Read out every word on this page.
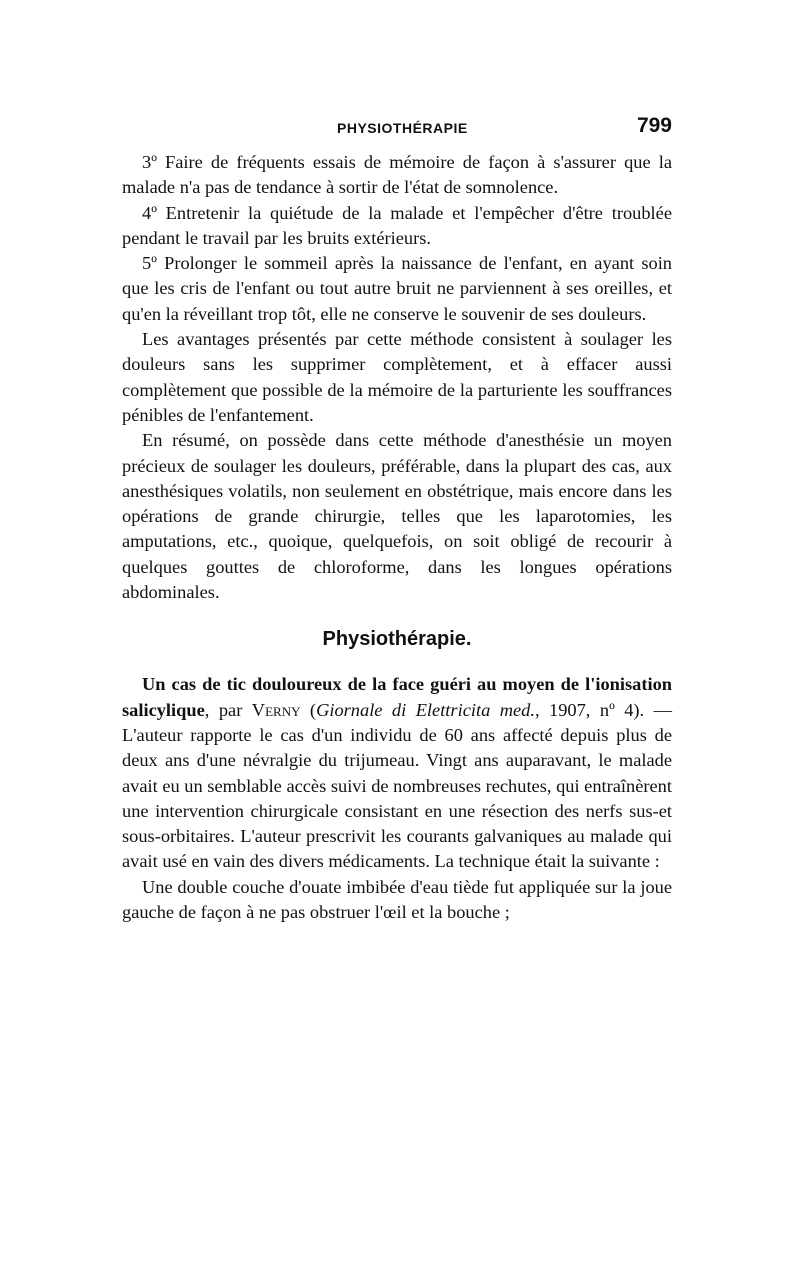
PHYSIOTHÉRAPIE	799

3º Faire de fréquents essais de mémoire de façon à s'assurer que la malade n'a pas de tendance à sortir de l'état de somnolence.

4º Entretenir la quiétude de la malade et l'empêcher d'être troublée pendant le travail par les bruits extérieurs.

5º Prolonger le sommeil après la naissance de l'enfant, en ayant soin que les cris de l'enfant ou tout autre bruit ne parviennent à ses oreilles, et qu'en la réveillant trop tôt, elle ne conserve le souvenir de ses douleurs.

Les avantages présentés par cette méthode consistent à soulager les douleurs sans les supprimer complètement, et à effacer aussi complètement que possible de la mémoire de la parturiente les souffrances pénibles de l'enfantement.

En résumé, on possède dans cette méthode d'anesthésie un moyen précieux de soulager les douleurs, préférable, dans la plupart des cas, aux anesthésiques volatils, non seulement en obstétrique, mais encore dans les opérations de grande chirurgie, telles que les laparotomies, les amputations, etc., quoique, quelquefois, on soit obligé de recourir à quelques gouttes de chloroforme, dans les longues opérations abdominales.

Physiothérapie.

Un cas de tic douloureux de la face guéri au moyen de l'ionisation salicylique, par Verny (Giornale di Elettricita med., 1907, nº 4). — L'auteur rapporte le cas d'un individu de 60 ans affecté depuis plus de deux ans d'une névralgie du trijumeau. Vingt ans auparavant, le malade avait eu un semblable accès suivi de nombreuses rechutes, qui entraînèrent une intervention chirurgicale consistant en une résection des nerfs sus-et sous-orbitaires. L'auteur prescrivit les courants galvaniques au malade qui avait usé en vain des divers médicaments. La technique était la suivante :

Une double couche d'ouate imbibée d'eau tiède fut appliquée sur la joue gauche de façon à ne pas obstruer l'œil et la bouche ;
